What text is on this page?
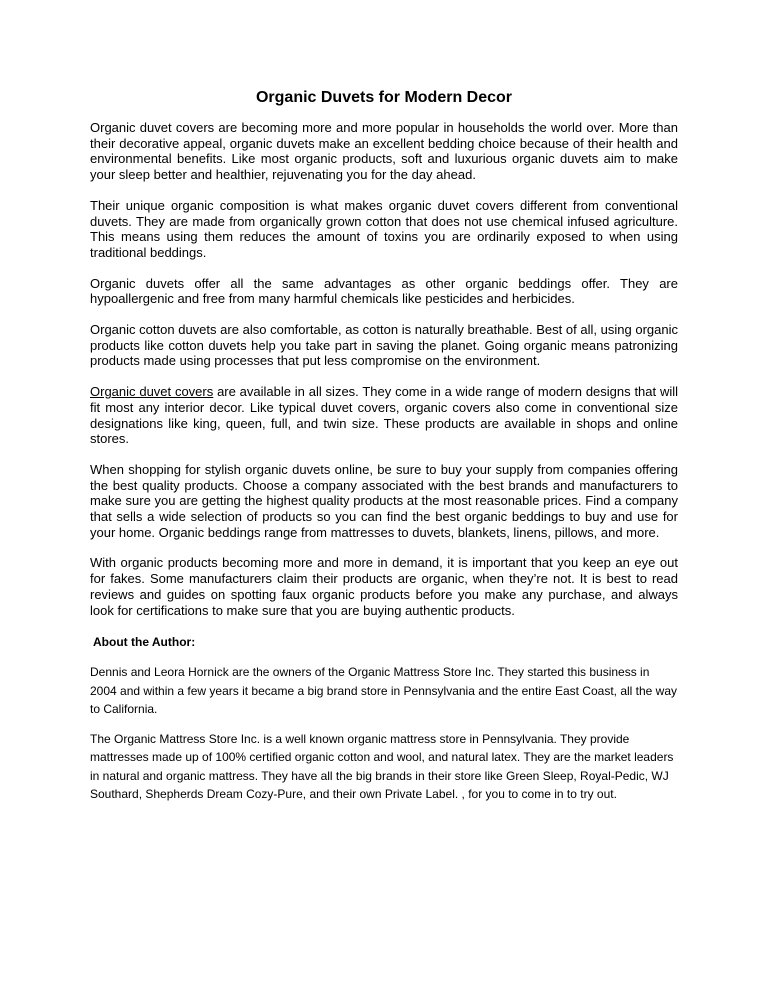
Organic Duvets for Modern Decor

Organic duvet covers are becoming more and more popular in households the world over. More than their decorative appeal, organic duvets make an excellent bedding choice because of their health and environmental benefits. Like most organic products, soft and luxurious organic duvets aim to make your sleep better and healthier, rejuvenating you for the day ahead.

Their unique organic composition is what makes organic duvet covers different from conventional duvets. They are made from organically grown cotton that does not use chemical infused agriculture. This means using them reduces the amount of toxins you are ordinarily exposed to when using traditional beddings.

Organic duvets offer all the same advantages as other organic beddings offer. They are hypoallergenic and free from many harmful chemicals like pesticides and herbicides.

Organic cotton duvets are also comfortable, as cotton is naturally breathable. Best of all, using organic products like cotton duvets help you take part in saving the planet. Going organic means patronizing products made using processes that put less compromise on the environment.

Organic duvet covers are available in all sizes. They come in a wide range of modern designs that will fit most any interior decor. Like typical duvet covers, organic covers also come in conventional size designations like king, queen, full, and twin size. These products are available in shops and online stores.

When shopping for stylish organic duvets online, be sure to buy your supply from companies offering the best quality products. Choose a company associated with the best brands and manufacturers to make sure you are getting the highest quality products at the most reasonable prices. Find a company that sells a wide selection of products so you can find the best organic beddings to buy and use for your home. Organic beddings range from mattresses to duvets, blankets, linens, pillows, and more.

With organic products becoming more and more in demand, it is important that you keep an eye out for fakes. Some manufacturers claim their products are organic, when they’re not. It is best to read reviews and guides on spotting faux organic products before you make any purchase, and always look for certifications to make sure that you are buying authentic products.

About the Author:

Dennis and Leora Hornick are the owners of the Organic Mattress Store Inc. They started this business in 2004 and within a few years it became a big brand store in Pennsylvania and the entire East Coast, all the way to California.

The Organic Mattress Store Inc. is a well known organic mattress store in Pennsylvania. They provide mattresses made up of 100% certified organic cotton and wool, and natural latex. They are the market leaders in natural and organic mattress. They have all the big brands in their store like Green Sleep, Royal-Pedic, WJ Southard, Shepherds Dream Cozy-Pure, and their own Private Label. , for you to come in to try out.
